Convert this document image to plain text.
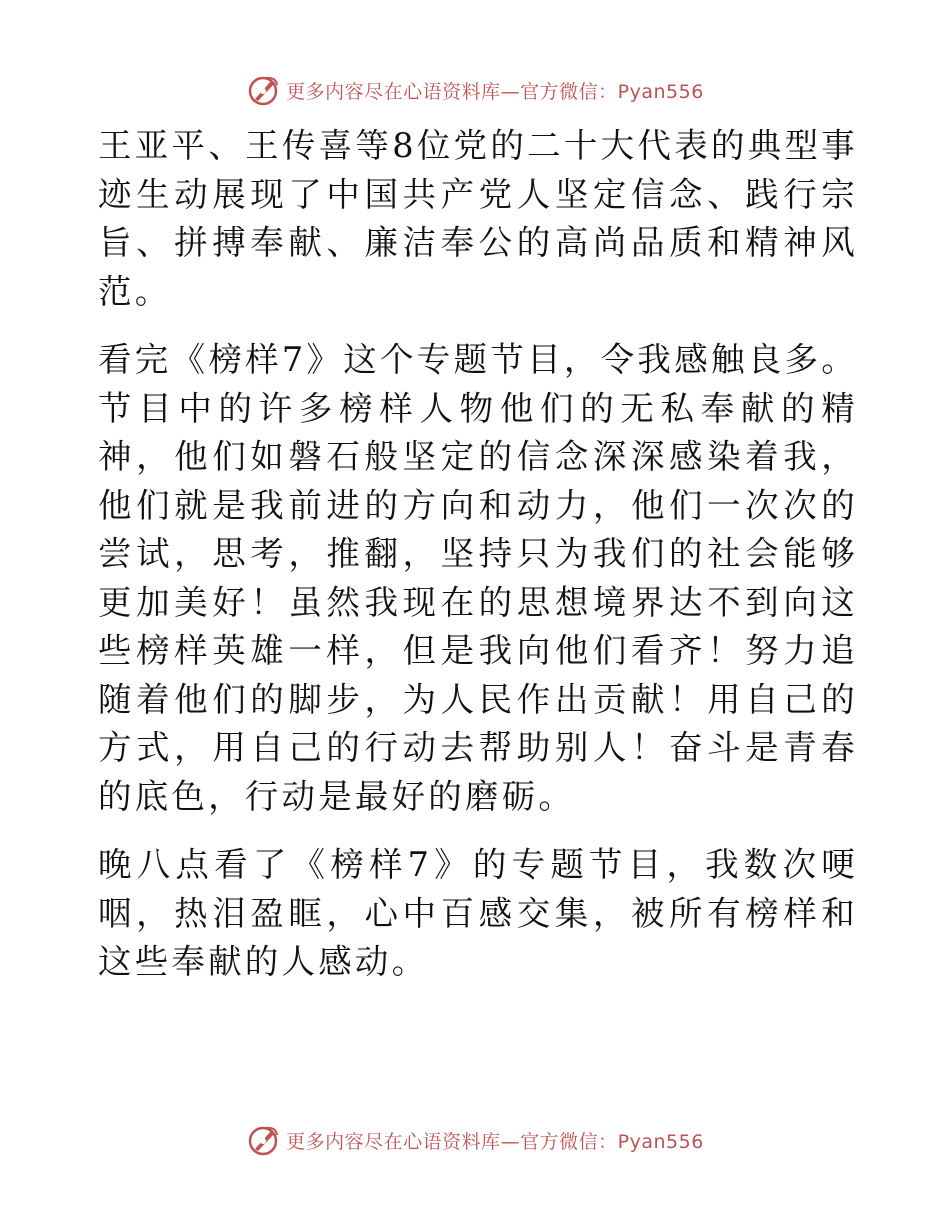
更多内容尽在心语资料库—官方微信：Pyan556

王亚平、王传喜等8位党的二十大代表的典型事迹生动展现了中国共产党人坚定信念、践行宗旨、拼搏奉献、廉洁奉公的高尚品质和精神风范。

看完《榜样7》这个专题节目，令我感触良多。节目中的许多榜样人物他们的无私奉献的精神，他们如磐石般坚定的信念深深感染着我，他们就是我前进的方向和动力，他们一次次的尝试，思考，推翻，坚持只为我们的社会能够更加美好！虽然我现在的思想境界达不到向这些榜样英雄一样，但是我向他们看齐！努力追随着他们的脚步，为人民作出贡献！用自己的方式，用自己的行动去帮助别人！奋斗是青春的底色，行动是最好的磨砺。

晚八点看了《榜样7》的专题节目，我数次哽咽，热泪盈眶，心中百感交集，被所有榜样和这些奉献的人感动。

更多内容尽在心语资料库—官方微信：Pyan556
